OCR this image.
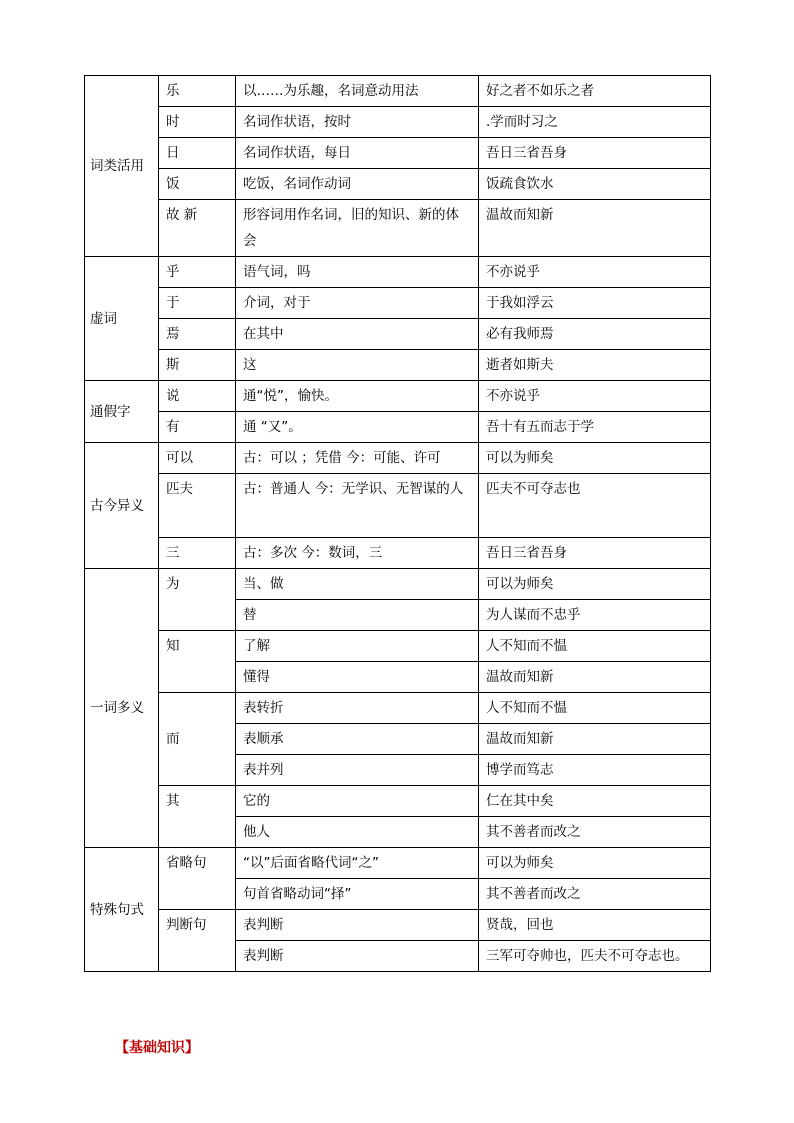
词类活用	乐	以……为乐趣，名词意动用法	好之者不如乐之者
	时	名词作状语，按时	.学而时习之
	日	名词作状语，每日	吾日三省吾身
	饭	吃饭，名词作动词	饭疏食饮水
	故 新	形容词用作名词，旧的知识、新的体会	温故而知新
虚词	乎	语气词，吗	不亦说乎
	于	介词，对于	于我如浮云
	焉	在其中	必有我师焉
	斯	这	逝者如斯夫
通假字	说	通“悦”，愉快。	不亦说乎
	有	通 “又”。	吾十有五而志于学
古今异义	可以	古：可以 ；凭借 今：可能、许可	可以为师矣
	匹夫	古：普通人 今：无学识、无智谋的人	匹夫不可夺志也
	三	古：多次 今：数词，三	吾日三省吾身
一词多义	为	当、做	可以为师矣
		替	为人谋而不忠乎
	知	了解	人不知而不愠
		懂得	温故而知新
	而	表转折	人不知而不愠
		表顺承	温故而知新
		表并列	博学而笃志
	其	它的	仁在其中矣
		他人	其不善者而改之
特殊句式	省略句	“以”后面省略代词“之”	可以为师矣
		句首省略动词“择”	其不善者而改之
	判断句	表判断	贤哉，回也
		表判断	三军可夺帅也，匹夫不可夺志也。
【基础知识】
